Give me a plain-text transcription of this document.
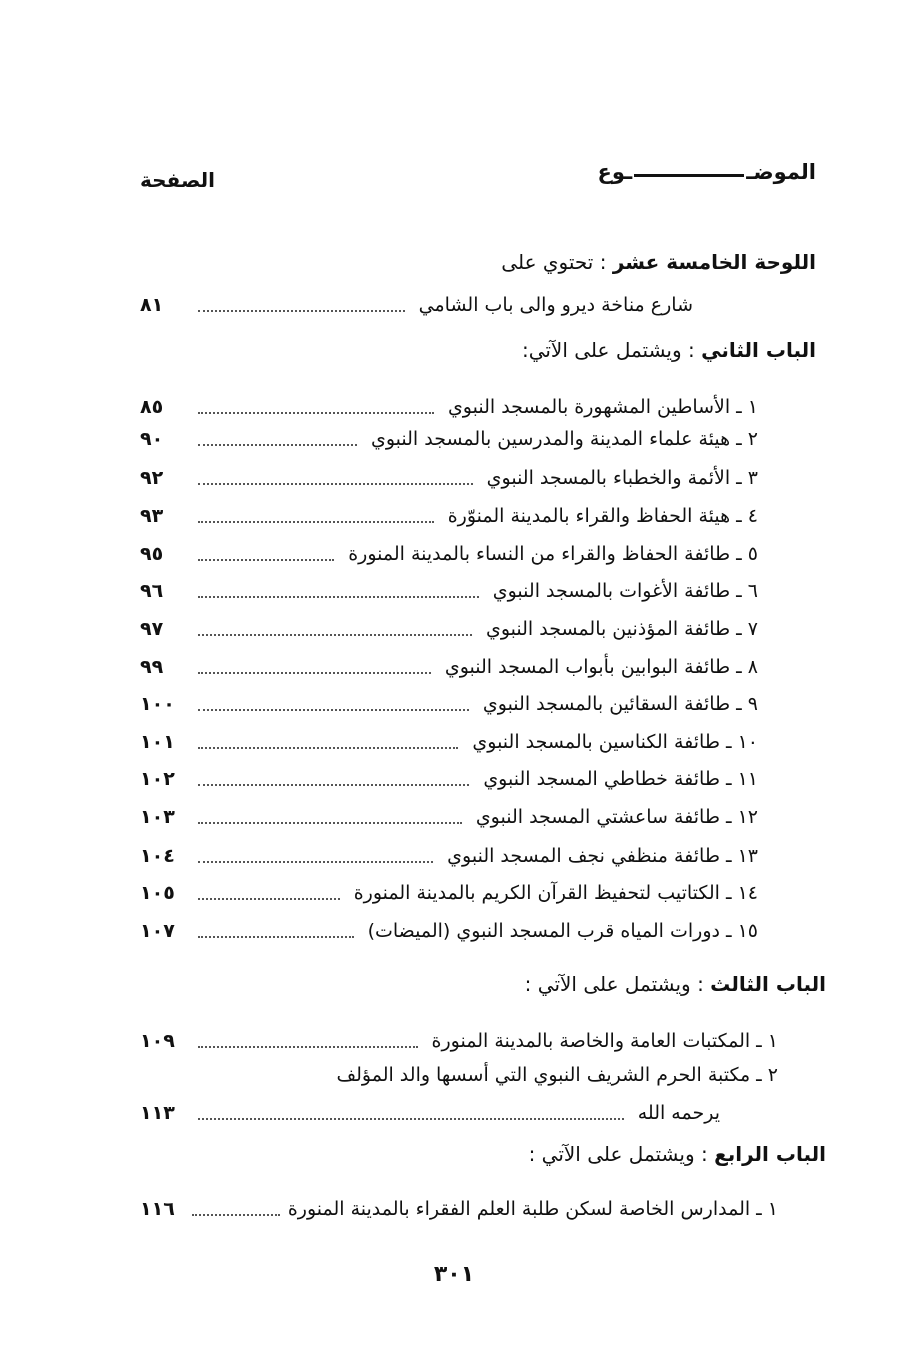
الموضـ
ـوع
الصفحة
اللوحة الخامسة عشر : تحتوي على
شارع مناخة ديرو والى باب الشامي
٨١
الباب الثاني : ويشتمل على الآتي:
١ ـ
الأساطين المشهورة بالمسجد النبوي
٨٥
٢ ـ
هيئة علماء المدينة والمدرسين بالمسجد النبوي
٩٠
٣ ـ
الأئمة والخطباء بالمسجد النبوي
٩٢
٤ ـ
هيئة الحفاظ والقراء بالمدينة المنوّرة
٩٣
٥ ـ
طائفة الحفاظ والقراء من النساء بالمدينة المنورة
٩٥
٦ ـ
طائفة الأغوات بالمسجد النبوي
٩٦
٧ ـ
طائفة المؤذنين بالمسجد النبوي
٩٧
٨ ـ
طائفة البوابين بأبواب المسجد النبوي
٩٩
٩ ـ
طائفة السقائين بالمسجد النبوي
١٠٠
١٠ ـ
طائفة الكناسين بالمسجد النبوي
١٠١
١١ ـ
طائفة خطاطي المسجد النبوي
١٠٢
١٢ ـ
طائفة ساعشتي المسجد النبوي
١٠٣
١٣ ـ
طائفة منظفي نجف المسجد النبوي
١٠٤
١٤ ـ
الكتاتيب لتحفيظ القرآن الكريم بالمدينة المنورة
١٠٥
١٥ ـ
دورات المياه قرب المسجد النبوي (الميضات)
١٠٧
الباب الثالث : ويشتمل على الآتي :
١ ـ
المكتبات العامة والخاصة بالمدينة المنورة
١٠٩
٢ ـ
مكتبة الحرم الشريف النبوي التي أسسها والد المؤلف
يرحمه الله
١١٣
الباب الرابع : ويشتمل على الآتي :
١ ـ
المدارس الخاصة لسكن طلبة العلم الفقراء بالمدينة المنورة
١١٦
٣٠١
